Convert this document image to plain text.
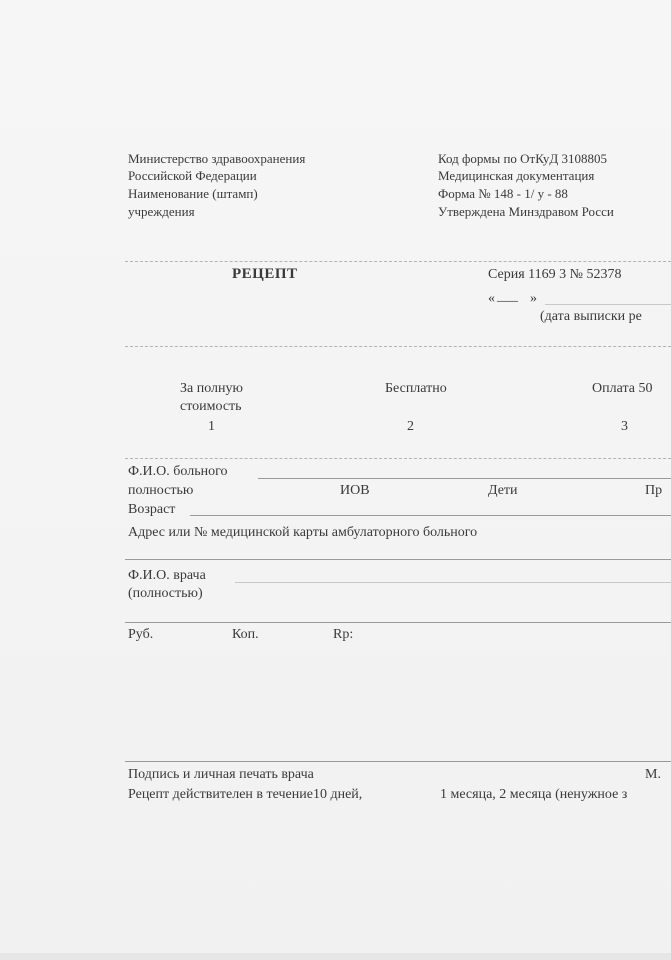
Министерство здравоохранения
Российской Федерации
Наименование (штамп)
учреждения
Код формы по ОтКуД 3108805
Медицинская документация
Форма № 148 - 1/ у - 88
Утверждена Минздравом Росси
РЕЦЕПТ	Серия 1169 3 № 52378
« ___ »
(дата выписки ре
За полную
стоимость
Бесплатно	Оплата 50
1	2	3
Ф.И.О. больного
полностью	ИОВ	Дети	Пр
Возраст
Адрес или № медицинской карты амбулаторного больного
Ф.И.О. врача
(полностью)
Руб.	Коп.	Rp:
Подпись и личная печать врача	М.
Рецепт действителен в течение10 дней,	1 месяца, 2 месяца (ненужное з
